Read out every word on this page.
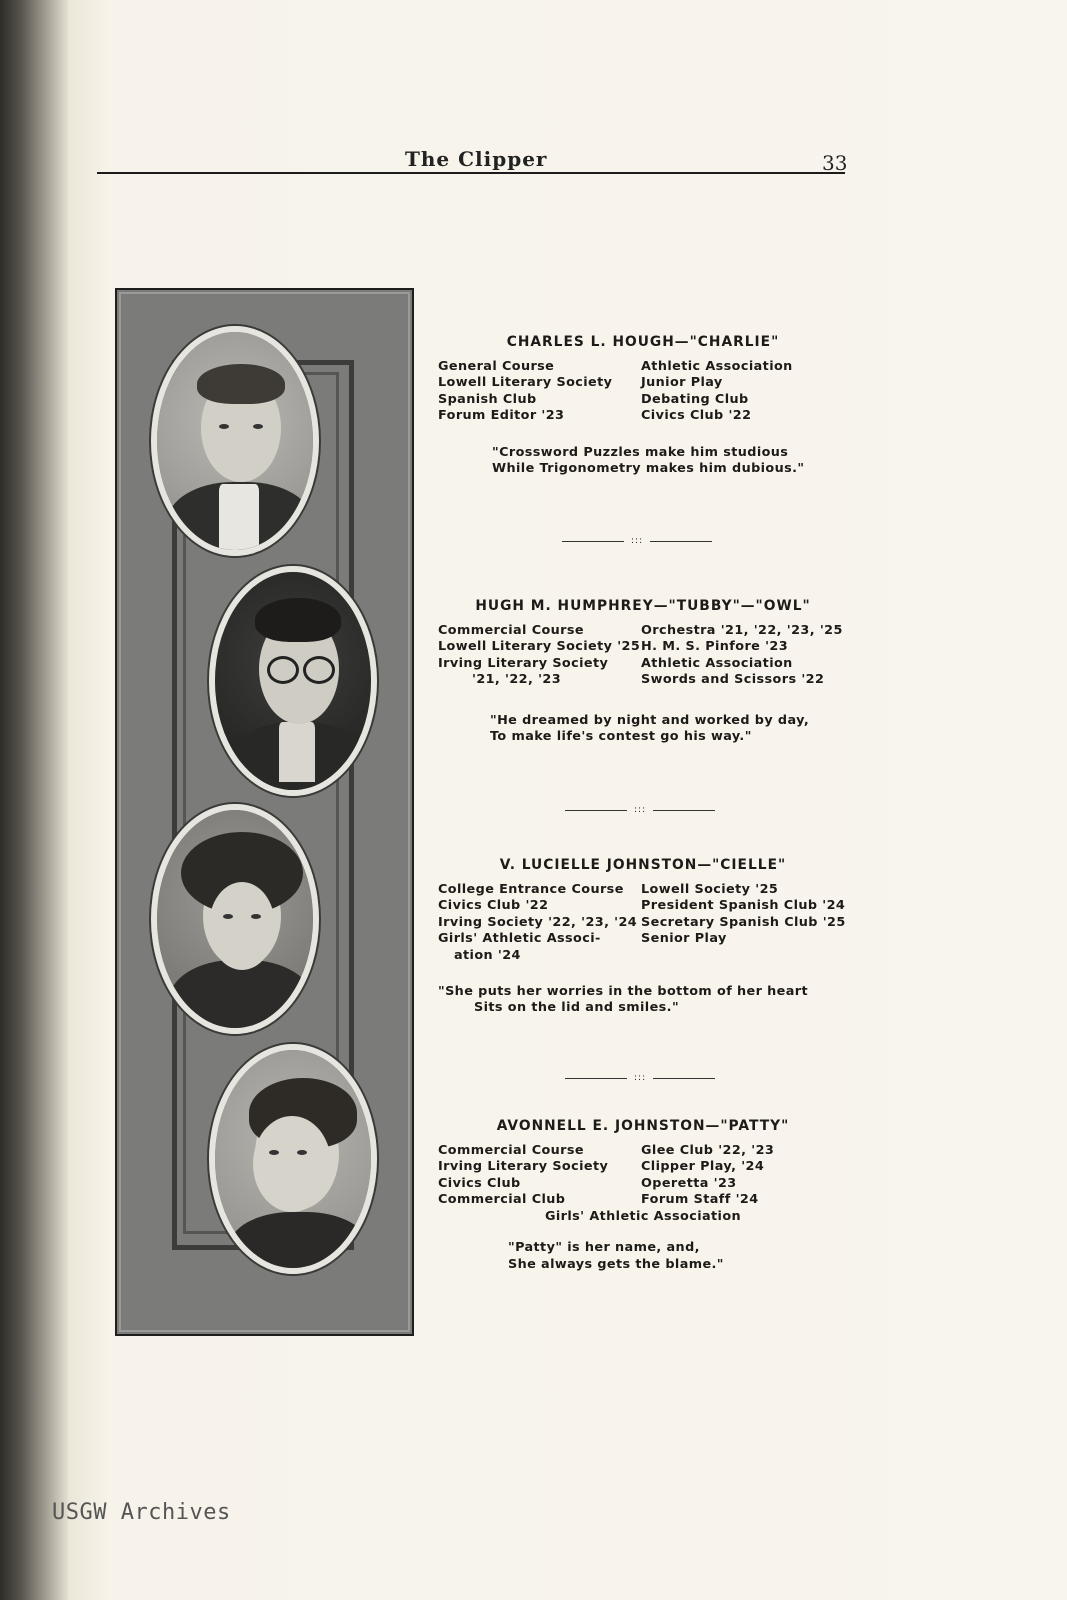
The Clipper	33
CHARLES L. HOUGH—"CHARLIE"
General Course
Lowell Literary Society
Spanish Club
Forum Editor '23
Athletic Association
Junior Play
Debating Club
Civics Club '22
"Crossword Puzzles make him studious
While Trigonometry makes him dubious."
:::
HUGH M. HUMPHREY—"TUBBY"—"OWL"
Commercial Course
Lowell Literary Society '25
Irving Literary Society
'21, '22, '23
Orchestra '21, '22, '23, '25
H. M. S. Pinfore '23
Athletic Association
Swords and Scissors '22
"He dreamed by night and worked by day,
To make life's contest go his way."
:::
V. LUCIELLE JOHNSTON—"CIELLE"
College Entrance Course
Civics Club '22
Irving Society '22, '23, '24
Girls' Athletic Associ-
ation '24
Lowell Society '25
President Spanish Club '24
Secretary Spanish Club '25
Senior Play
"She puts her worries in the bottom of her heart
Sits on the lid and smiles."
:::
AVONNELL E. JOHNSTON—"PATTY"
Commercial Course
Irving Literary Society
Civics Club
Commercial Club
Glee Club '22, '23
Clipper Play, '24
Operetta '23
Forum Staff '24
Girls' Athletic Association
"Patty" is her name, and,
She always gets the blame."
USGW Archives
